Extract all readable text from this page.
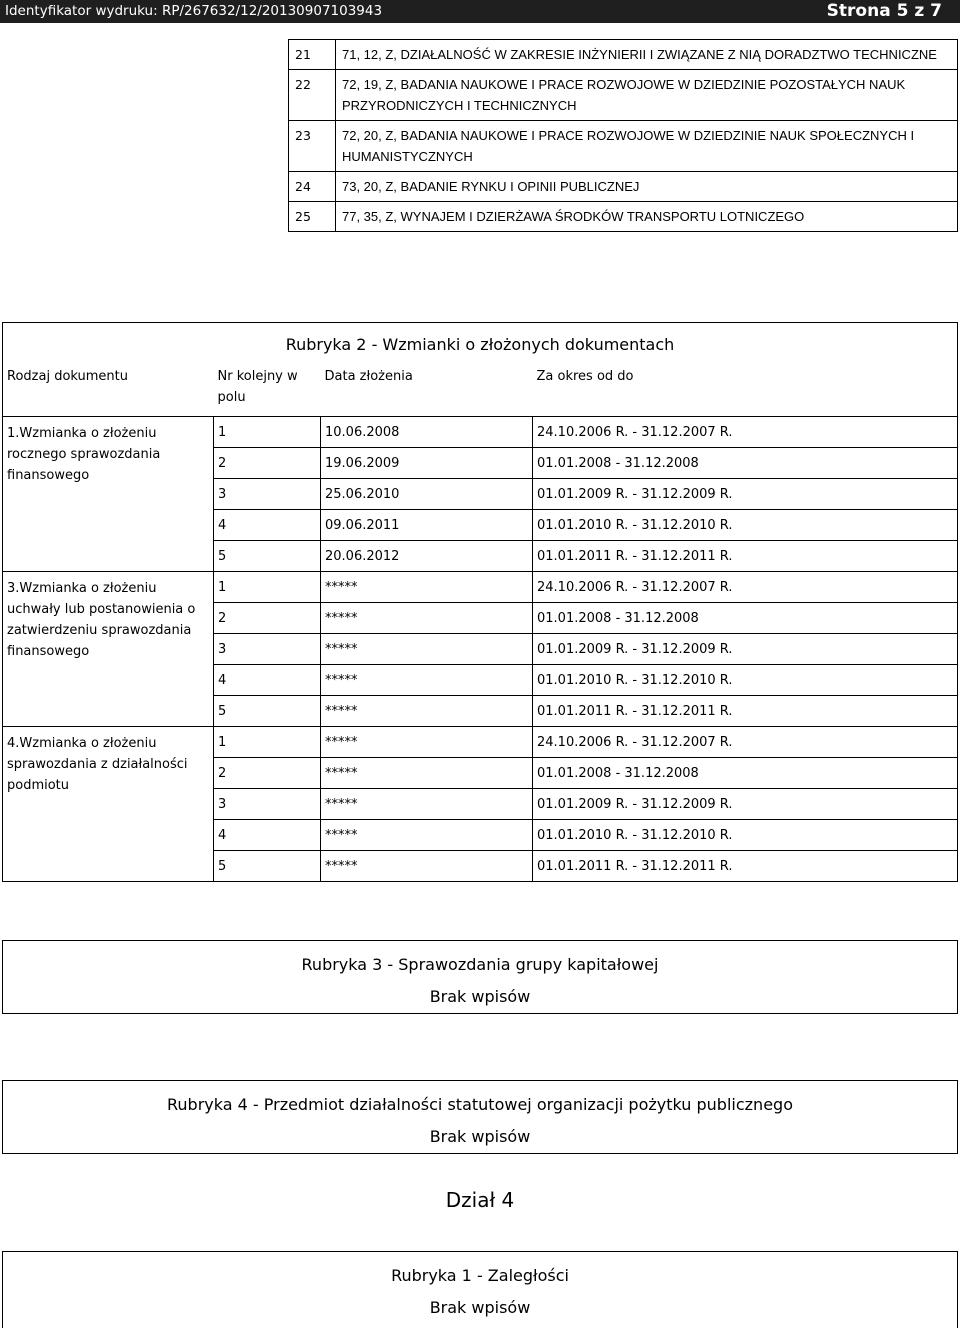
Identyfikator wydruku: RP/267632/12/20130907103943	Strona 5 z 7
21	71, 12, Z, DZIAŁALNOŚĆ W ZAKRESIE INŻYNIERII I ZWIĄZANE Z NIĄ DORADZTWO TECHNICZNE
22	72, 19, Z, BADANIA NAUKOWE I PRACE ROZWOJOWE W DZIEDZINIE POZOSTAŁYCH NAUK PRZYRODNICZYCH I TECHNICZNYCH
23	72, 20, Z, BADANIA NAUKOWE I PRACE ROZWOJOWE W DZIEDZINIE NAUK SPOŁECZNYCH I HUMANISTYCZNYCH
24	73, 20, Z, BADANIE RYNKU I OPINII PUBLICZNEJ
25	77, 35, Z, WYNAJEM I DZIERŻAWA ŚRODKÓW TRANSPORTU LOTNICZEGO
Rubryka 2 - Wzmianki o złożonych dokumentach			
Rodzaj dokumentu	Nr kolejny w polu	Data złożenia	Za okres od do
1.Wzmianka o złożeniu rocznego sprawozdania finansowego	1	10.06.2008	24.10.2006 R. - 31.12.2007 R.
	2	19.06.2009	01.01.2008 - 31.12.2008
	3	25.06.2010	01.01.2009 R. - 31.12.2009 R.
	4	09.06.2011	01.01.2010 R. - 31.12.2010 R.
	5	20.06.2012	01.01.2011 R. - 31.12.2011 R.
3.Wzmianka o złożeniu uchwały lub postanowienia o zatwierdzeniu sprawozdania finansowego	1	*****	24.10.2006 R. - 31.12.2007 R.
	2	*****	01.01.2008 - 31.12.2008
	3	*****	01.01.2009 R. - 31.12.2009 R.
	4	*****	01.01.2010 R. - 31.12.2010 R.
	5	*****	01.01.2011 R. - 31.12.2011 R.
4.Wzmianka o złożeniu sprawozdania z działalności podmiotu	1	*****	24.10.2006 R. - 31.12.2007 R.
	2	*****	01.01.2008 - 31.12.2008
	3	*****	01.01.2009 R. - 31.12.2009 R.
	4	*****	01.01.2010 R. - 31.12.2010 R.
	5	*****	01.01.2011 R. - 31.12.2011 R.
Rubryka 3 - Sprawozdania grupy kapitałowej
Brak wpisów
Rubryka 4 - Przedmiot działalności statutowej organizacji pożytku publicznego
Brak wpisów
Dział 4
Rubryka 1 - Zaległości
Brak wpisów
